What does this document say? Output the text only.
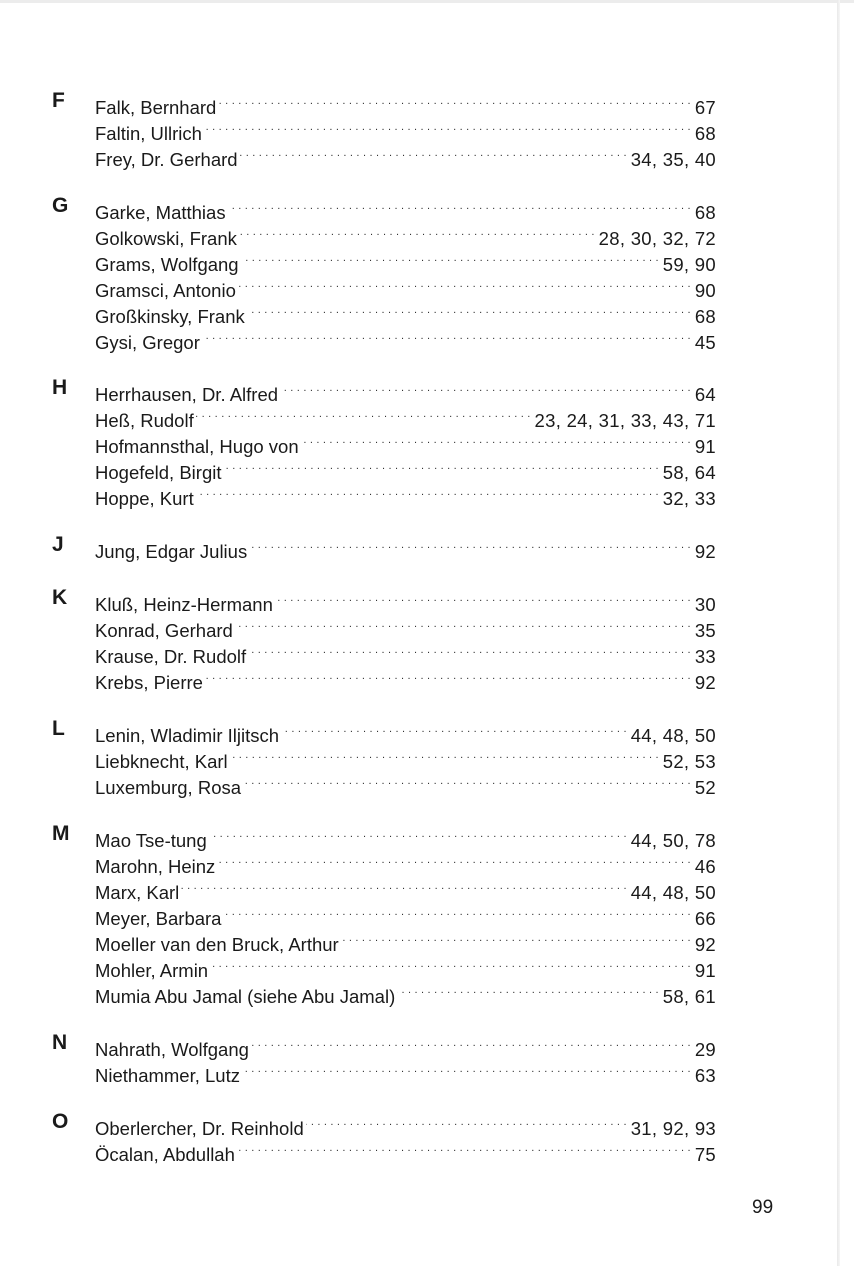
F	Falk, Bernhard . . .	67
Faltin, Ullrich . . .	68
Frey, Dr. Gerhard . . .	34, 35, 40
G	Garke, Matthias . . .	68
Golkowski, Frank . . .	28, 30, 32, 72
Grams, Wolfgang . . .	59, 90
Gramsci, Antonio . . .	90
Großkinsky, Frank . . .	68
Gysi, Gregor . . .	45
H	Herrhausen, Dr. Alfred . . .	64
Heß, Rudolf . . .	23, 24, 31, 33, 43, 71
Hofmannsthal, Hugo von . . .	91
Hogefeld, Birgit . . .	58, 64
Hoppe, Kurt . . .	32, 33
J	Jung, Edgar Julius . . .	92
K	Kluß, Heinz-Hermann . . .	30
Konrad, Gerhard . . .	35
Krause, Dr. Rudolf . . .	33
Krebs, Pierre . . .	92
L	Lenin, Wladimir Iljitsch . . .	44, 48, 50
Liebknecht, Karl . . .	52, 53
Luxemburg, Rosa . . .	52
M	Mao Tse-tung . . .	44, 50, 78
Marohn, Heinz . . .	46
Marx, Karl . . .	44, 48, 50
Meyer, Barbara . . .	66
Moeller van den Bruck, Arthur . . .	92
Mohler, Armin . . .	91
Mumia Abu Jamal (siehe Abu Jamal) . . .	58, 61
N	Nahrath, Wolfgang . . .	29
Niethammer, Lutz . . .	63
O	Oberlercher, Dr. Reinhold . . .	31, 92, 93
Öcalan, Abdullah . . .	75
99
